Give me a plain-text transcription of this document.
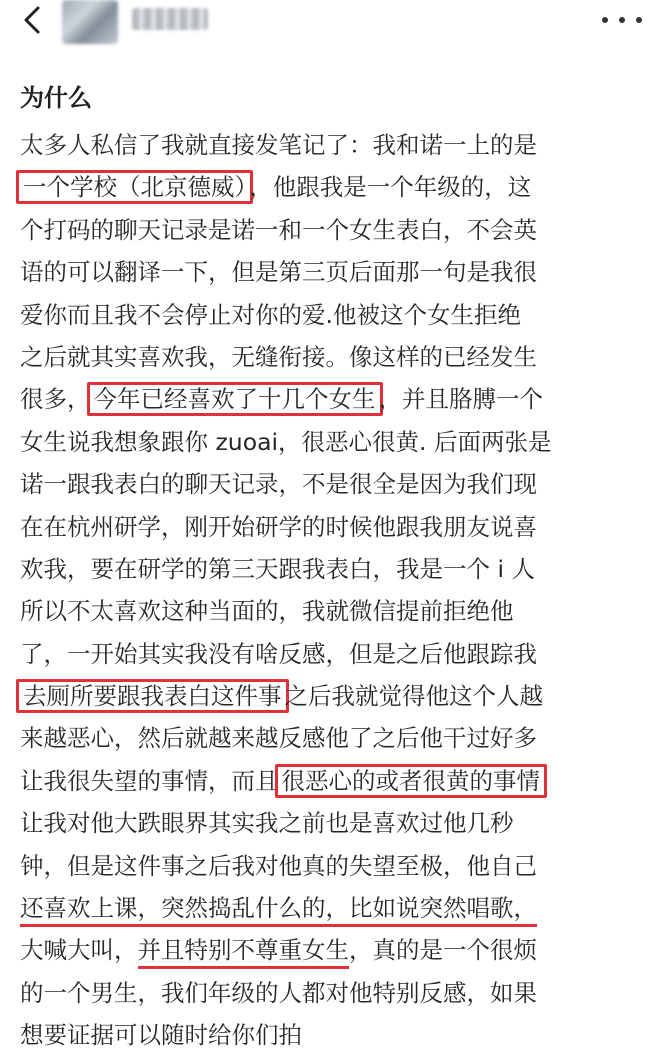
为什么
太多人私信了我就直接发笔记了：我和诺一上的是
一个学校（北京德威） ，他跟我是一个年级的，这
个打码的聊天记录是诺一和一个女生表白，不会英
语的可以翻译一下，但是第三页后面那一句是我很
爱你而且我不会停止对你的爱.他被这个女生拒绝
之后就其实喜欢我，无缝衔接。像这样的已经发生
很多， 今年已经喜欢了十几个女生 ，并且胳膊一个
女生说我想象跟你 zuoai，很恶心很黄. 后面两张是
诺一跟我表白的聊天记录，不是很全是因为我们现
在在杭州研学，刚开始研学的时候他跟我朋友说喜
欢我，要在研学的第三天跟我表白，我是一个 i 人
所以不太喜欢这种当面的，我就微信提前拒绝他
了，一开始其实我没有啥反感，但是之后他跟踪我
去厕所要跟我表白这件事 之后我就觉得他这个人越
来越恶心，然后就越来越反感他了之后他干过好多
让我很失望的事情，而且 很恶心的或者很黄的事情
让我对他大跌眼界其实我之前也是喜欢过他几秒
钟，但是这件事之后我对他真的失望至极，他自己
还喜欢上课，突然捣乱什么的，比如说突然唱歌，
大喊大叫，并且特别不尊重女生，真的是一个很烦
的一个男生，我们年级的人都对他特别反感，如果
想要证据可以随时给你们拍
